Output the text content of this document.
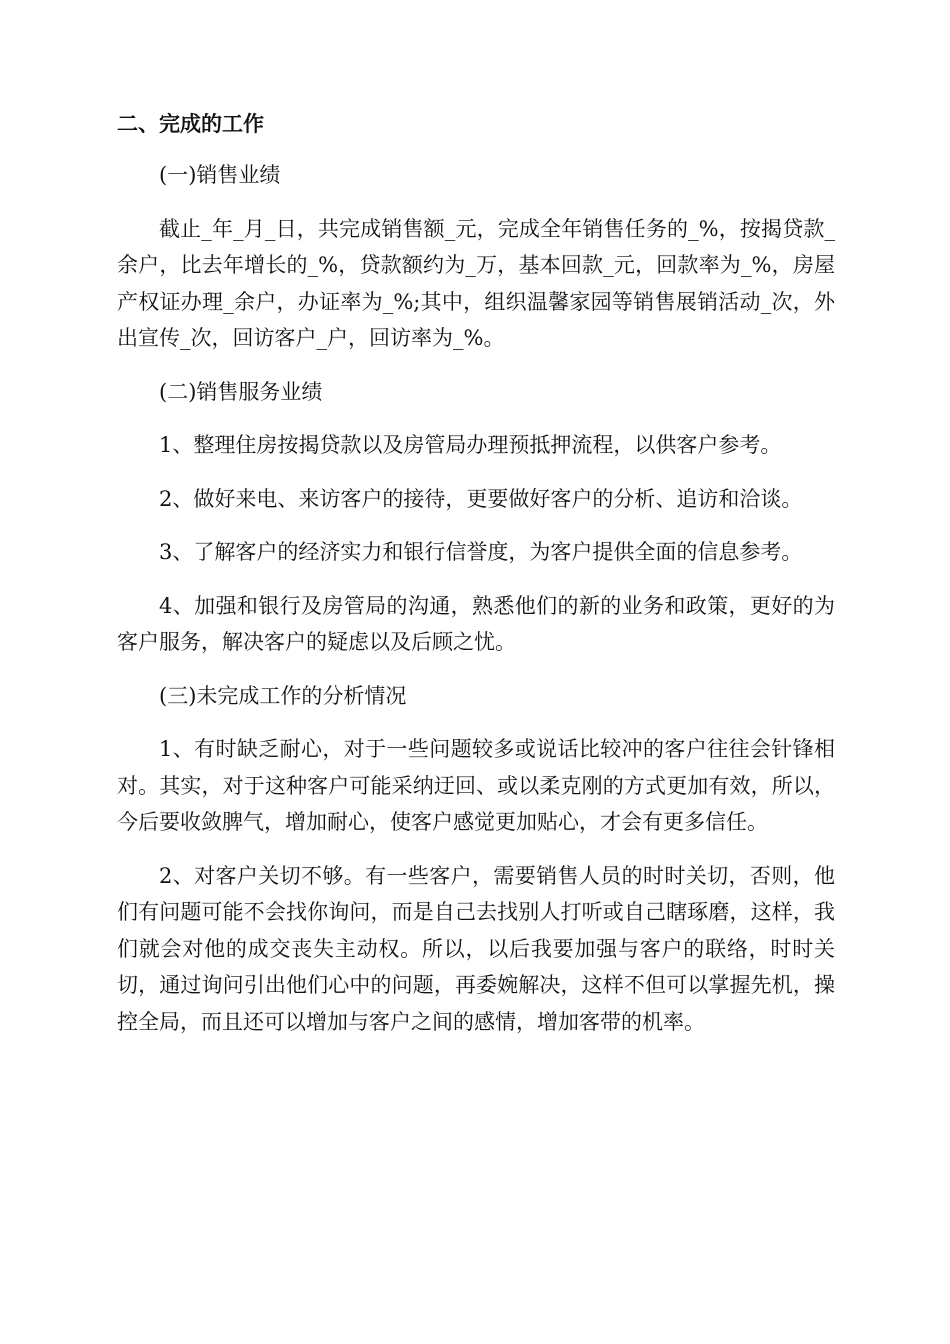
二、完成的工作

(一)销售业绩

截止_年_月_日，共完成销售额_元，完成全年销售任务的_%，按揭贷款_余户，比去年增长的_%，贷款额约为_万，基本回款_元，回款率为_%，房屋产权证办理_余户，办证率为_%;其中，组织温馨家园等销售展销活动_次，外出宣传_次，回访客户_户，回访率为_%。

(二)销售服务业绩

1、整理住房按揭贷款以及房管局办理预抵押流程，以供客户参考。

2、做好来电、来访客户的接待，更要做好客户的分析、追访和洽谈。

3、了解客户的经济实力和银行信誉度，为客户提供全面的信息参考。

4、加强和银行及房管局的沟通，熟悉他们的新的业务和政策，更好的为客户服务，解决客户的疑虑以及后顾之忧。

(三)未完成工作的分析情况

1、有时缺乏耐心，对于一些问题较多或说话比较冲的客户往往会针锋相对。其实，对于这种客户可能采纳迂回、或以柔克刚的方式更加有效，所以，今后要收敛脾气，增加耐心，使客户感觉更加贴心，才会有更多信任。

2、对客户关切不够。有一些客户，需要销售人员的时时关切，否则，他们有问题可能不会找你询问，而是自己去找别人打听或自己瞎琢磨，这样，我们就会对他的成交丧失主动权。所以，以后我要加强与客户的联络，时时关切，通过询问引出他们心中的问题，再委婉解决，这样不但可以掌握先机，操控全局，而且还可以增加与客户之间的感情，增加客带的机率。
